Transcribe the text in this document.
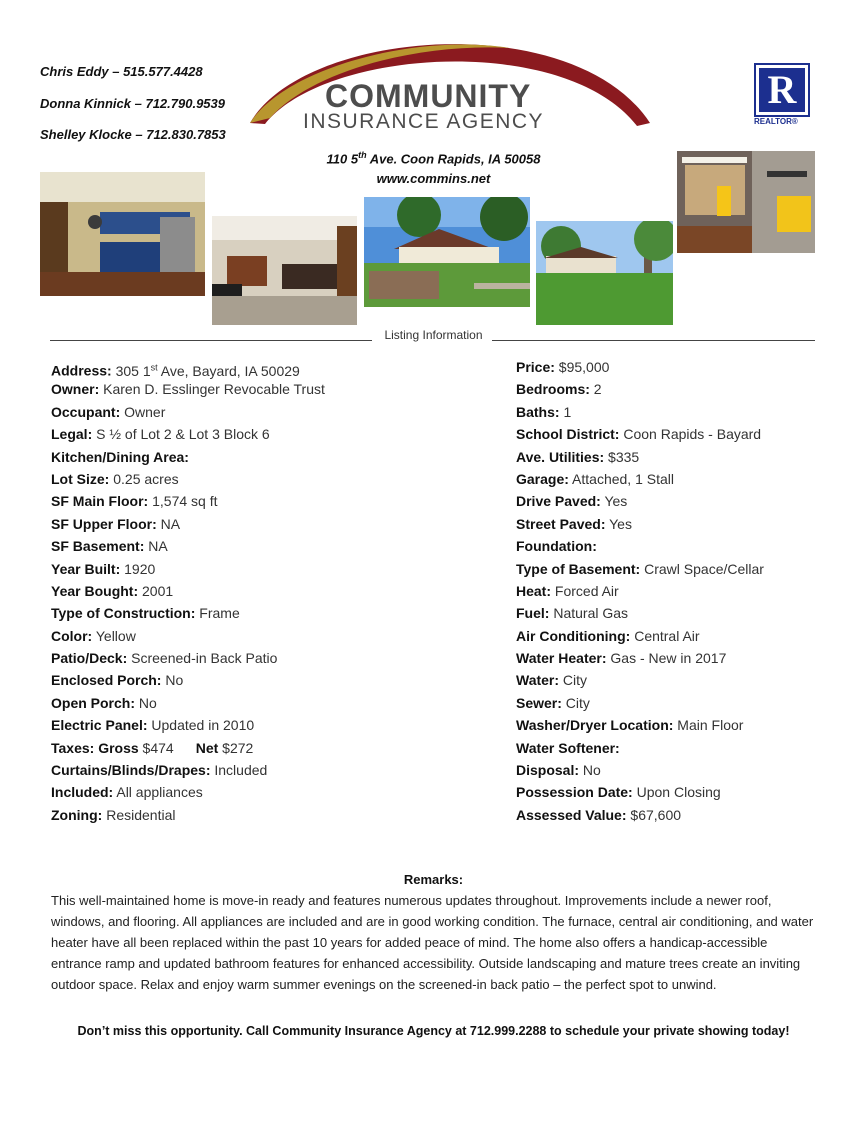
Chris Eddy – 515.577.4428
Donna Kinnick – 712.790.9539
Shelley Klocke – 712.830.7853
COMMUNITY
INSURANCE AGENCY
110 5th Ave. Coon Rapids, IA 50058
www.commins.net
R
REALTOR®
Listing Information
Address: 305 1st Ave, Bayard, IA 50029
Owner: Karen D. Esslinger Revocable Trust
Occupant: Owner
Legal: S ½ of Lot 2 & Lot 3 Block 6
Kitchen/Dining Area:
Lot Size: 0.25 acres
SF Main Floor: 1,574 sq ft
SF Upper Floor: NA
SF Basement: NA
Year Built: 1920
Year Bought: 2001
Type of Construction: Frame
Color: Yellow
Patio/Deck: Screened-in Back Patio
Enclosed Porch: No
Open Porch: No
Electric Panel: Updated in 2010
Taxes: Gross $474 Net $272
Curtains/Blinds/Drapes: Included
Included: All appliances
Zoning: Residential
Price: $95,000
Bedrooms: 2
Baths: 1
School District: Coon Rapids - Bayard
Ave. Utilities: $335
Garage: Attached, 1 Stall
Drive Paved: Yes
Street Paved: Yes
Foundation:
Type of Basement: Crawl Space/Cellar
Heat: Forced Air
Fuel: Natural Gas
Air Conditioning: Central Air
Water Heater: Gas - New in 2017
Water: City
Sewer: City
Washer/Dryer Location: Main Floor
Water Softener:
Disposal: No
Possession Date: Upon Closing
Assessed Value: $67,600
Remarks:
This well-maintained home is move-in ready and features numerous updates throughout. Improvements include a newer roof, windows, and flooring. All appliances are included and are in good working condition. The furnace, central air conditioning, and water heater have all been replaced within the past 10 years for added peace of mind. The home also offers a handicap-accessible entrance ramp and updated bathroom features for enhanced accessibility. Outside landscaping and mature trees create an inviting outdoor space. Relax and enjoy warm summer evenings on the screened-in back patio – the perfect spot to unwind.
Don’t miss this opportunity. Call Community Insurance Agency at 712.999.2288 to schedule your private showing today!
